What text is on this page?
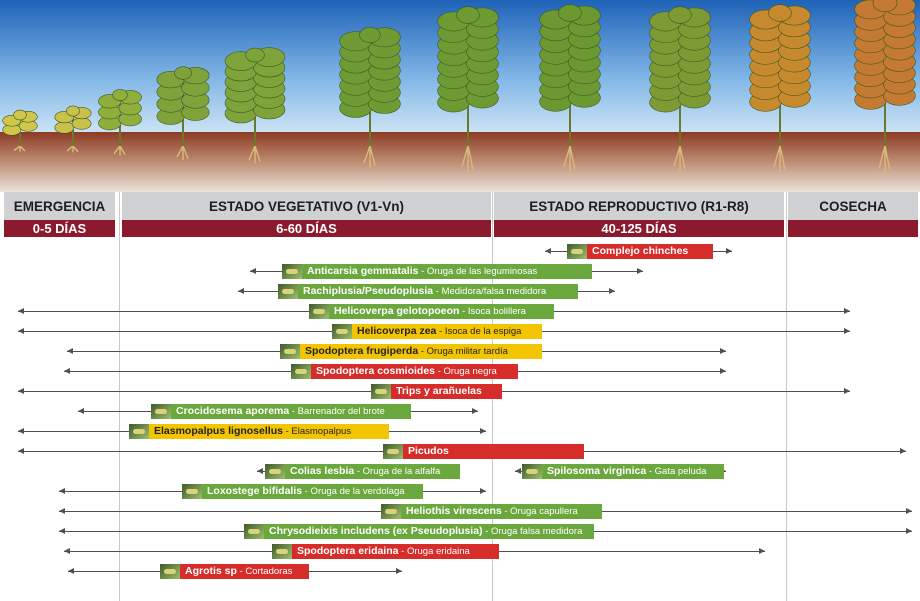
EMERGENCIA	ESTADO VEGETATIVO (V1-Vn)	ESTADO REPRODUCTIVO (R1-R8)	COSECHA
0-5 DÍAS	6-60 DÍAS	40-125 DÍAS
Complejo chinches
Anticarsia gemmatalis - Oruga de las leguminosas
Rachiplusia/Pseudoplusia - Medidora/falsa medidora
Helicoverpa gelotopoeon - Isoca bolillera
Helicoverpa zea - Isoca de la espiga
Spodoptera frugiperda - Oruga militar tardía
Spodoptera cosmioides - Oruga negra
Trips y arañuelas
Crocidosema aporema - Barrenador del brote
Elasmopalpus lignosellus - Elasmopalpus
Picudos
Colias lesbia - Oruga de la alfalfa	Spilosoma virginica - Gata peluda
Loxostege bifidalis - Oruga de la verdolaga
Heliothis virescens - Oruga capullera
Chrysodieixis includens (ex Pseudoplusia) - Oruga falsa medidora
Spodoptera eridaina - Oruga eridaina
Agrotis sp - Cortadoras
